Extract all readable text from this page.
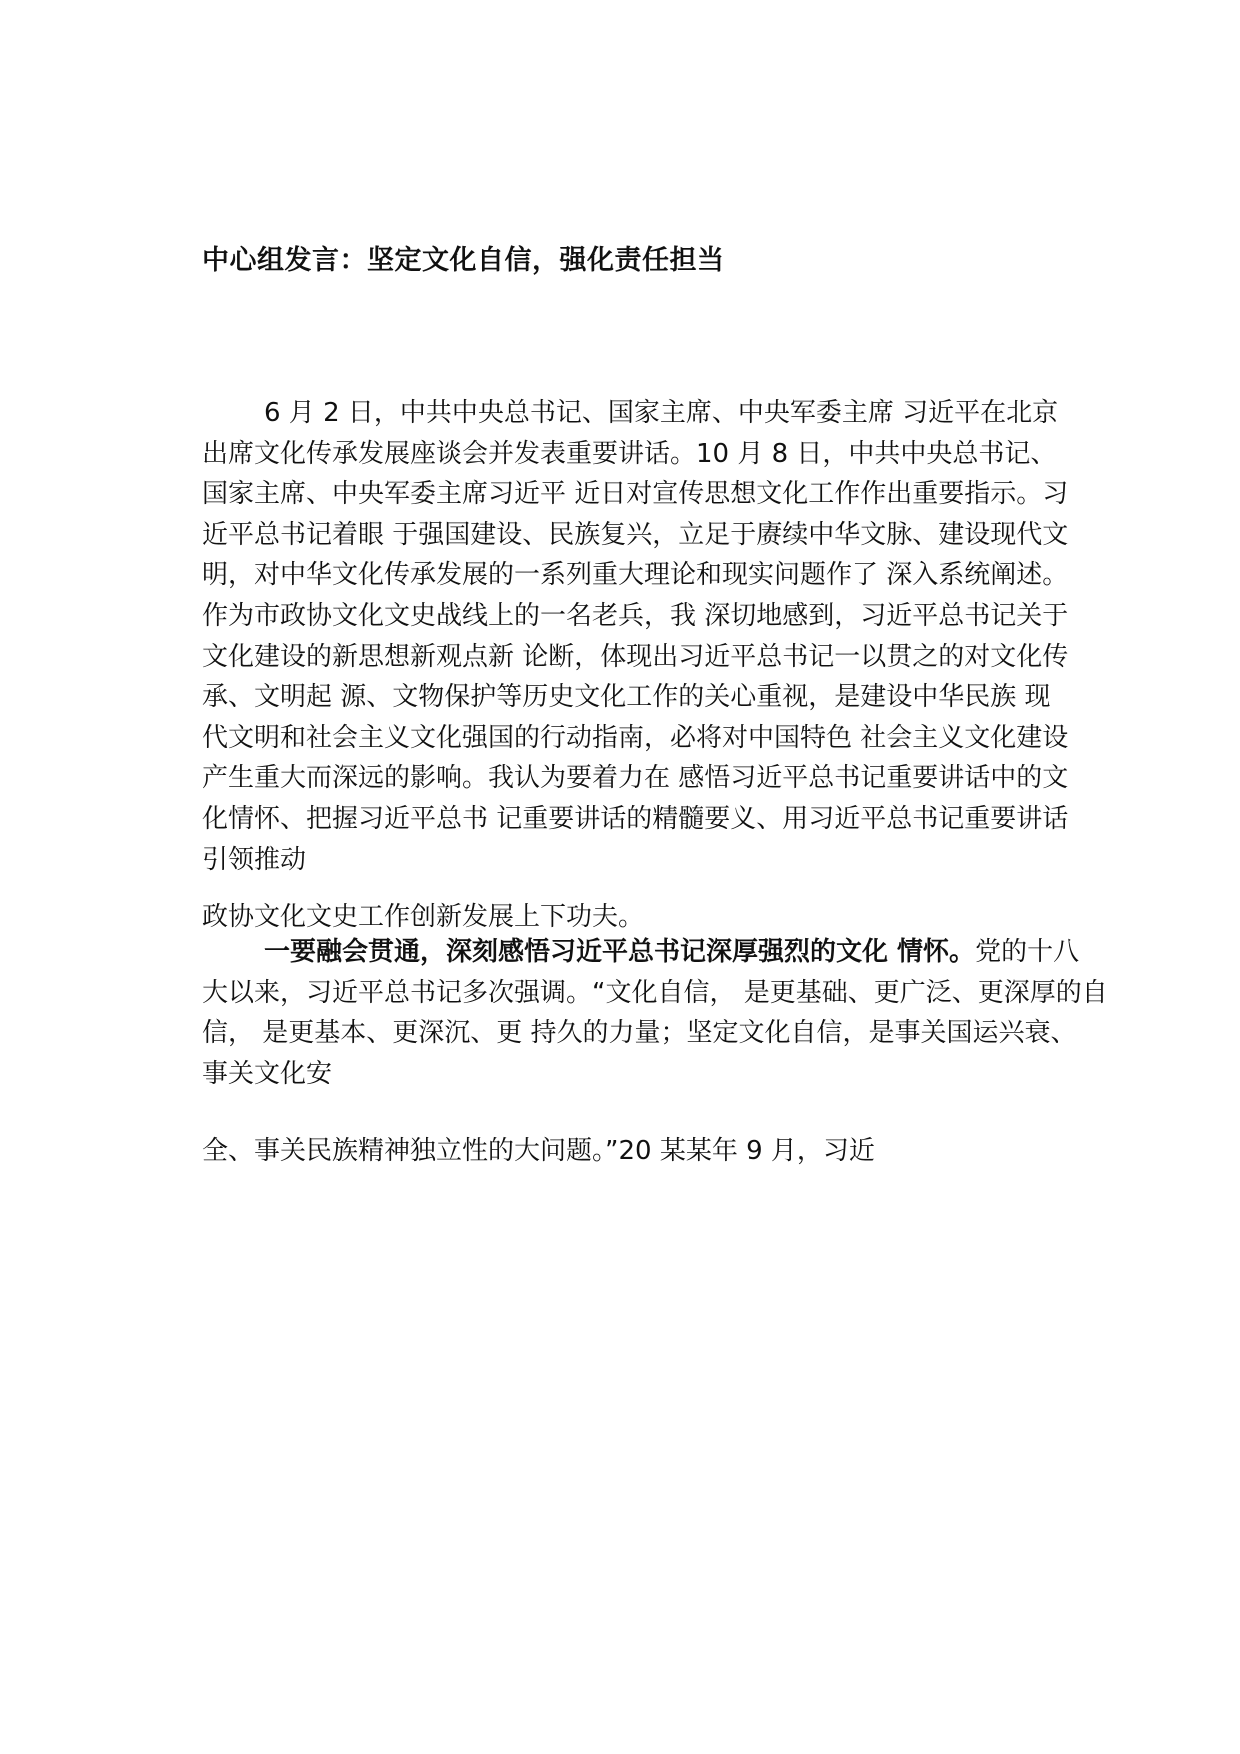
中心组发言：坚定文化自信，强化责任担当
6 月 2 日，中共中央总书记、国家主席、中央军委主席 习近平在北京
出席文化传承发展座谈会并发表重要讲话。10 月 8 日，中共中央总书记、
国家主席、中央军委主席习近平 近日对宣传思想文化工作作出重要指示。习
近平总书记着眼 于强国建设、民族复兴，立足于赓续中华文脉、建设现代文
明，对中华文化传承发展的一系列重大理论和现实问题作了 深入系统阐述。
作为市政协文化文史战线上的一名老兵，我 深切地感到，习近平总书记关于
文化建设的新思想新观点新 论断，体现出习近平总书记一以贯之的对文化传
承、文明起 源、文物保护等历史文化工作的关心重视，是建设中华民族 现
代文明和社会主义文化强国的行动指南，必将对中国特色 社会主义文化建设
产生重大而深远的影响。我认为要着力在 感悟习近平总书记重要讲话中的文
化情怀、把握习近平总书 记重要讲话的精髓要义、用习近平总书记重要讲话
引领推动
政协文化文史工作创新发展上下功夫。
一要融会贯通，深刻感悟习近平总书记深厚强烈的文化 情怀。党的十八
大以来，习近平总书记多次强调。“文化自信， 是更基础、更广泛、更深厚的自
信， 是更基本、更深沉、更 持久的力量；坚定文化自信，是事关国运兴衰、
事关文化安
全、事关民族精神独立性的大问题。”20 某某年 9 月，习近
